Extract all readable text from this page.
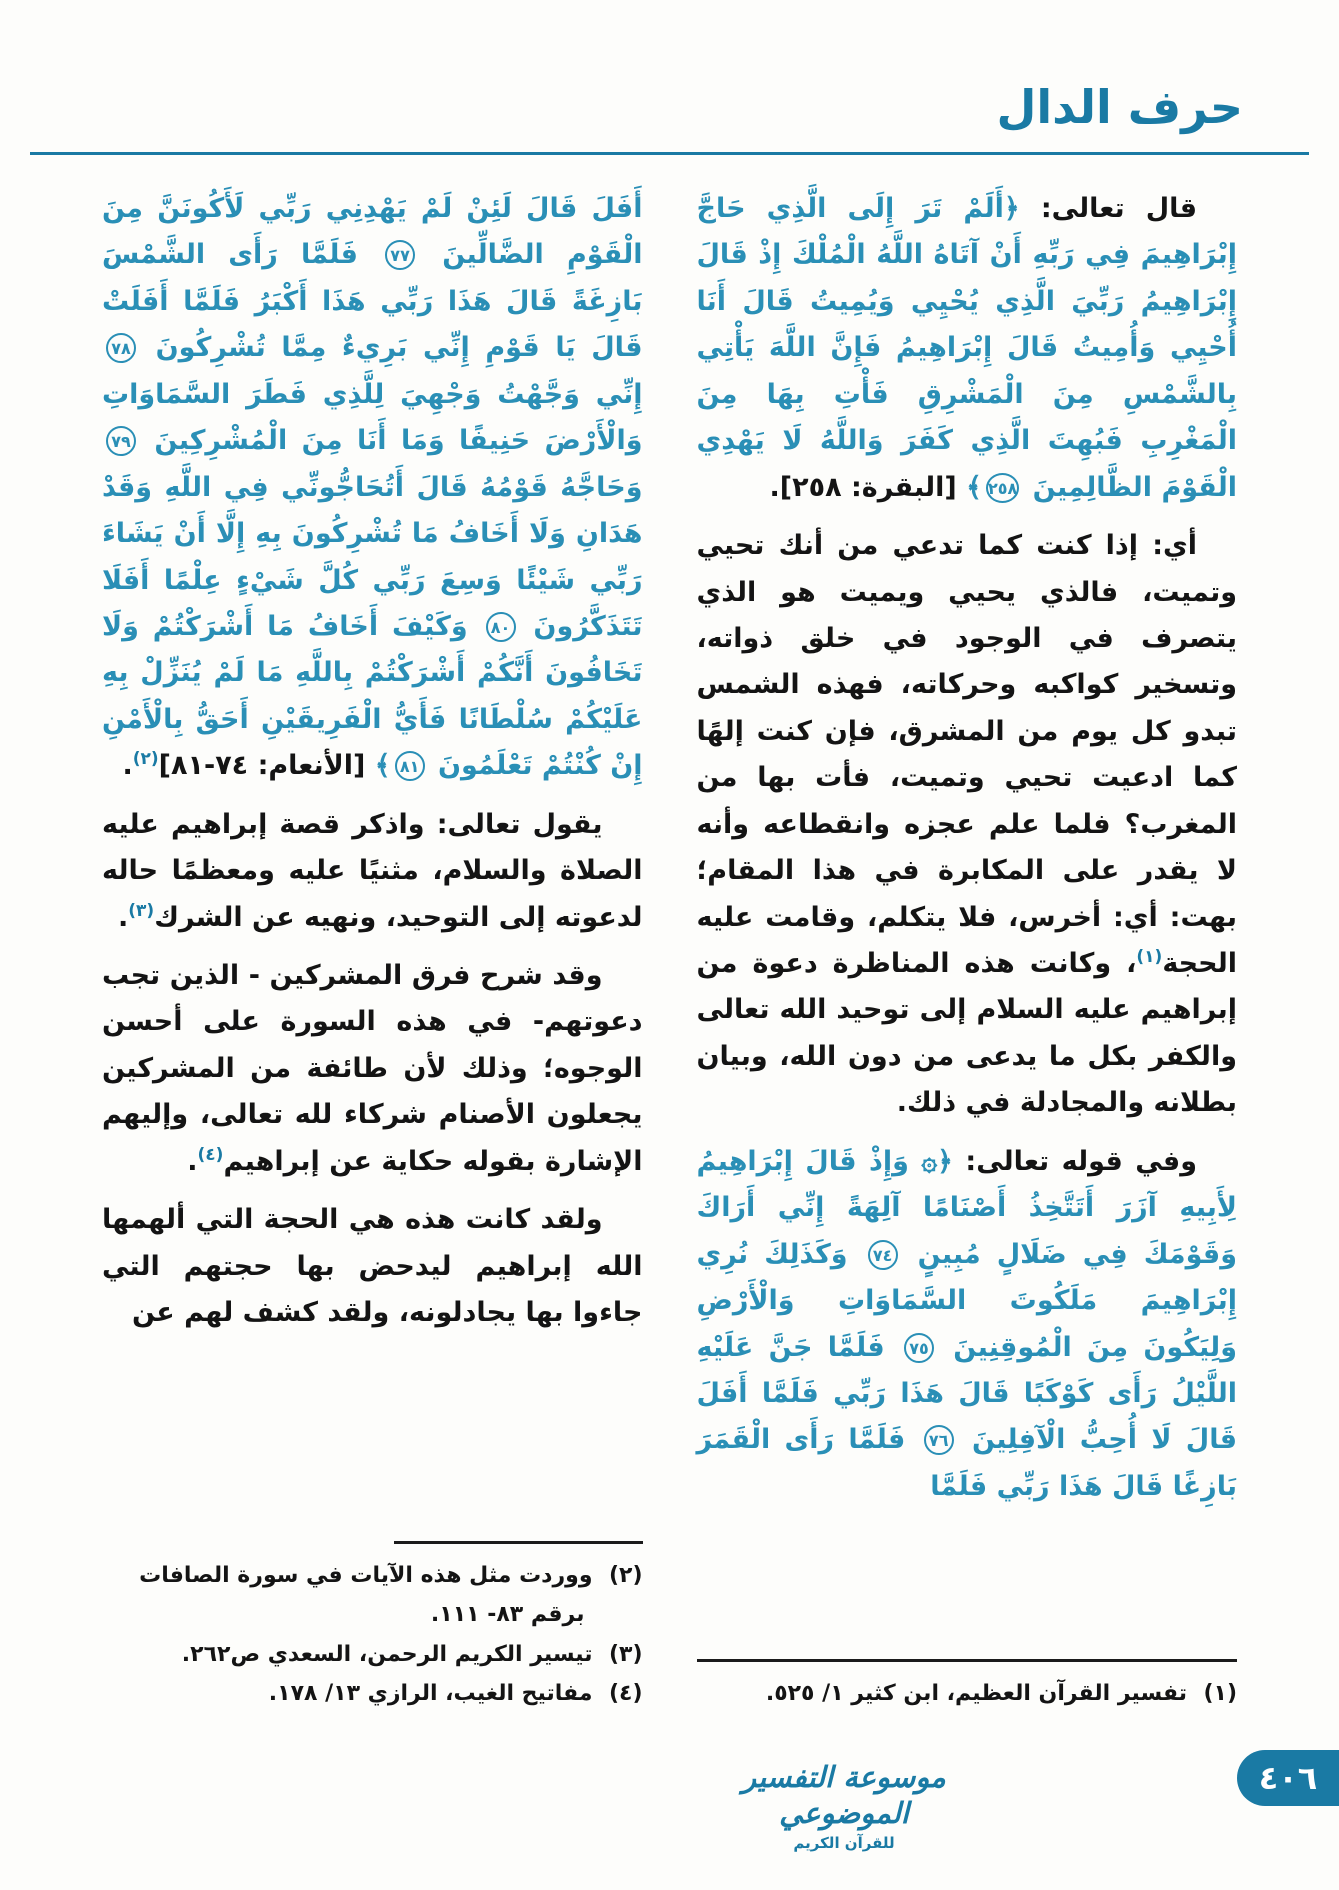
حرف الدال

قال تعالى: ﴿أَلَمْ تَرَ إِلَى الَّذِي حَاجَّ إِبْرَاهِيمَ فِي رَبِّهِ أَنْ آتَاهُ اللَّهُ الْمُلْكَ إِذْ قَالَ إِبْرَاهِيمُ رَبِّيَ الَّذِي يُحْيِي وَيُمِيتُ قَالَ أَنَا أُحْيِي وَأُمِيتُ قَالَ إِبْرَاهِيمُ فَإِنَّ اللَّهَ يَأْتِي بِالشَّمْسِ مِنَ الْمَشْرِقِ فَأْتِ بِهَا مِنَ الْمَغْرِبِ فَبُهِتَ الَّذِي كَفَرَ وَاللَّهُ لَا يَهْدِي الْقَوْمَ الظَّالِمِينَ ٢٥٨﴾ [البقرة: ٢٥٨].

أي: إذا كنت كما تدعي من أنك تحيي وتميت، فالذي يحيي ويميت هو الذي يتصرف في الوجود في خلق ذواته، وتسخير كواكبه وحركاته، فهذه الشمس تبدو كل يوم من المشرق، فإن كنت إلهًا كما ادعيت تحيي وتميت، فأت بها من المغرب؟ فلما علم عجزه وانقطاعه وأنه لا يقدر على المكابرة في هذا المقام؛ بهت: أي: أخرس، فلا يتكلم، وقامت عليه الحجة$^{(١)}$، وكانت هذه المناظرة دعوة من إبراهيم عليه السلام إلى توحيد الله تعالى والكفر بكل ما يدعى من دون الله، وبيان بطلانه والمجادلة في ذلك.

وفي قوله تعالى: ﴿۞ وَإِذْ قَالَ إِبْرَاهِيمُ لِأَبِيهِ آزَرَ أَتَتَّخِذُ أَصْنَامًا آلِهَةً إِنِّي أَرَاكَ وَقَوْمَكَ فِي ضَلَالٍ مُبِينٍ ٧٤ وَكَذَلِكَ نُرِي إِبْرَاهِيمَ مَلَكُوتَ السَّمَاوَاتِ وَالْأَرْضِ وَلِيَكُونَ مِنَ الْمُوقِنِينَ ٧٥ فَلَمَّا جَنَّ عَلَيْهِ اللَّيْلُ رَأَى كَوْكَبًا قَالَ هَذَا رَبِّي فَلَمَّا أَفَلَ قَالَ لَا أُحِبُّ الْآفِلِينَ ٧٦ فَلَمَّا رَأَى الْقَمَرَ بَازِغًا قَالَ هَذَا رَبِّي فَلَمَّا

(١)تفسير القرآن العظيم، ابن كثير ١/ ٥٢٥.

أَفَلَ قَالَ لَئِنْ لَمْ يَهْدِنِي رَبِّي لَأَكُونَنَّ مِنَ الْقَوْمِ الضَّالِّينَ ٧٧ فَلَمَّا رَأَى الشَّمْسَ بَازِغَةً قَالَ هَذَا رَبِّي هَذَا أَكْبَرُ فَلَمَّا أَفَلَتْ قَالَ يَا قَوْمِ إِنِّي بَرِيءٌ مِمَّا تُشْرِكُونَ ٧٨ إِنِّي وَجَّهْتُ وَجْهِيَ لِلَّذِي فَطَرَ السَّمَاوَاتِ وَالْأَرْضَ حَنِيفًا وَمَا أَنَا مِنَ الْمُشْرِكِينَ ٧٩ وَحَاجَّهُ قَوْمُهُ قَالَ أَتُحَاجُّونِّي فِي اللَّهِ وَقَدْ هَدَانِ وَلَا أَخَافُ مَا تُشْرِكُونَ بِهِ إِلَّا أَنْ يَشَاءَ رَبِّي شَيْئًا وَسِعَ رَبِّي كُلَّ شَيْءٍ عِلْمًا أَفَلَا تَتَذَكَّرُونَ ٨٠ وَكَيْفَ أَخَافُ مَا أَشْرَكْتُمْ وَلَا تَخَافُونَ أَنَّكُمْ أَشْرَكْتُمْ بِاللَّهِ مَا لَمْ يُنَزِّلْ بِهِ عَلَيْكُمْ سُلْطَانًا فَأَيُّ الْفَرِيقَيْنِ أَحَقُّ بِالْأَمْنِ إِنْ كُنْتُمْ تَعْلَمُونَ ٨١﴾ [الأنعام: ٧٤-٨١]$^{(٢)}$.

يقول تعالى: واذكر قصة إبراهيم عليه الصلاة والسلام، مثنيًا عليه ومعظمًا حاله لدعوته إلى التوحيد، ونهيه عن الشرك$^{(٣)}$.

وقد شرح فرق المشركين - الذين تجب دعوتهم- في هذه السورة على أحسن الوجوه؛ وذلك لأن طائفة من المشركين يجعلون الأصنام شركاء لله تعالى، وإليهم الإشارة بقوله حكاية عن إبراهيم$^{(٤)}$.

ولقد كانت هذه هي الحجة التي ألهمها الله إبراهيم ليدحض بها حجتهم التي جاءوا بها يجادلونه، ولقد كشف لهم عن

(٢)ووردت مثل هذه الآيات في سورة الصافات برقم ٨٣- ١١١.
(٣)تيسير الكريم الرحمن، السعدي ص٢٦٢.
(٤)مفاتيح الغيب، الرازي ١٣/ ١٧٨.
موسوعة التفسير الموضوعي
للقرآن الكريم
٤٠٦
